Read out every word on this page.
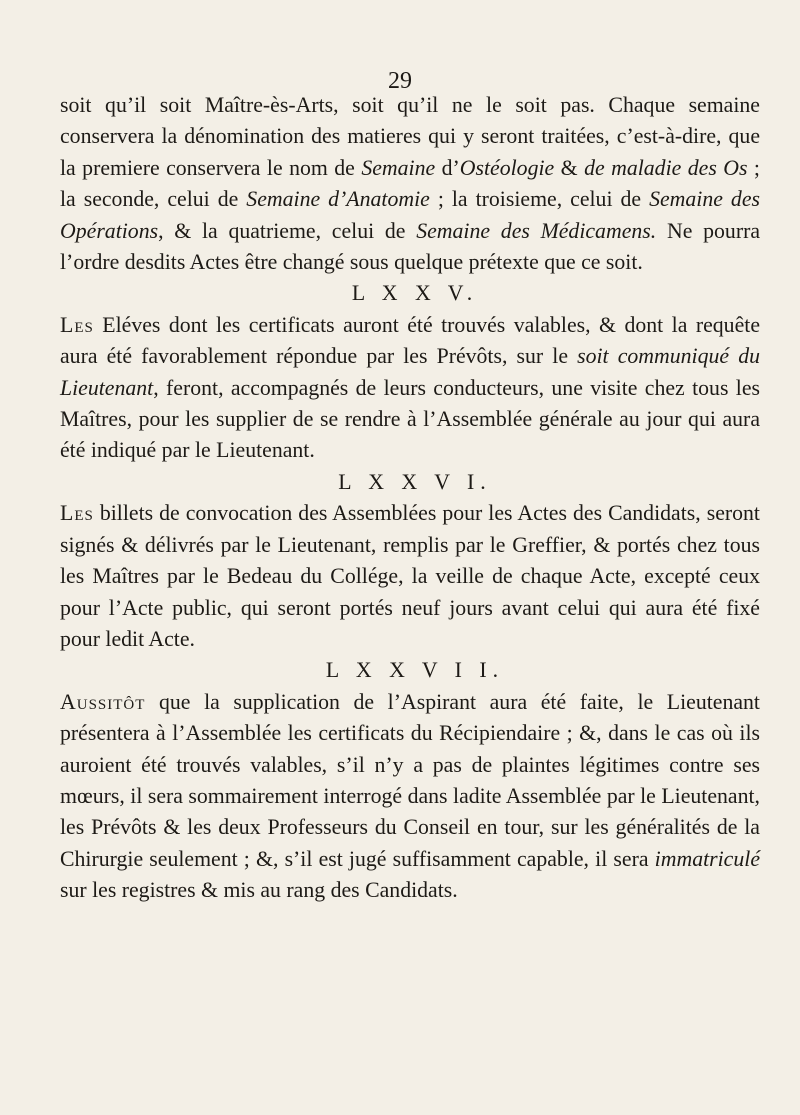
29

soit qu’il soit Maître-ès-Arts, soit qu’il ne le soit pas. Chaque semaine conservera la dénomination des matieres qui y seront traitées, c’est-à-dire, que la premiere conservera le nom de Semaine d’Ostéologie & de maladie des Os ; la seconde, celui de Semaine d’Anatomie ; la troisieme, celui de Semaine des Opérations, & la quatrieme, celui de Semaine des Médicamens. Ne pourra l’ordre desdits Actes être changé sous quelque prétexte que ce soit.

L X X V.

Les Eléves dont les certificats auront été trouvés valables, & dont la requête aura été favorablement répondue par les Prévôts, sur le soit communiqué du Lieutenant, feront, accompagnés de leurs conducteurs, une visite chez tous les Maîtres, pour les supplier de se rendre à l’Assemblée générale au jour qui aura été indiqué par le Lieutenant.

L X X V I.

Les billets de convocation des Assemblées pour les Actes des Candidats, seront signés & délivrés par le Lieutenant, remplis par le Greffier, & portés chez tous les Maîtres par le Bedeau du Collége, la veille de chaque Acte, excepté ceux pour l’Acte public, qui seront portés neuf jours avant celui qui aura été fixé pour ledit Acte.

L X X V I I.

Aussitôt que la supplication de l’Aspirant aura été faite, le Lieutenant présentera à l’Assemblée les certificats du Récipiendaire ; &, dans le cas où ils auroient été trouvés valables, s’il n’y a pas de plaintes légitimes contre ses mœurs, il sera sommairement interrogé dans ladite Assemblée par le Lieutenant, les Prévôts & les deux Professeurs du Conseil en tour, sur les généralités de la Chirurgie seulement ; &, s’il est jugé suffisamment capable, il sera immatriculé sur les registres & mis au rang des Candidats.
